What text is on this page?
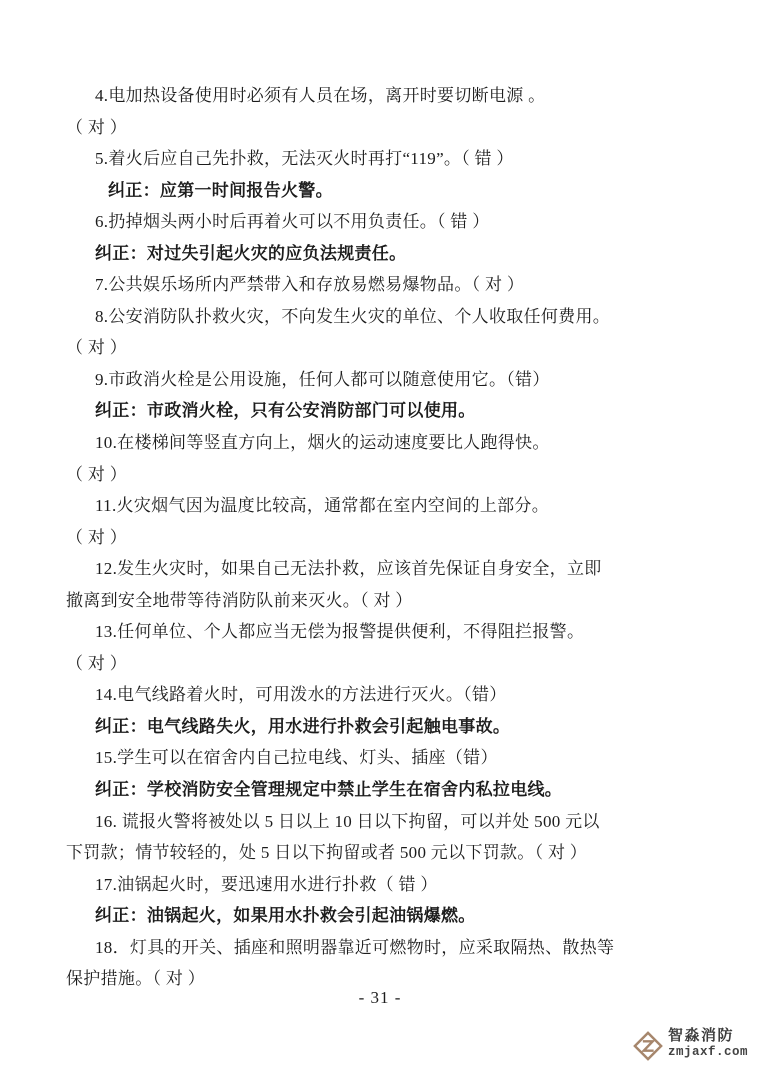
4.电加热设备使用时必须有人员在场，离开时要切断电源 。
（ 对 ）
5.着火后应自己先扑救，无法灭火时再打“119”。（ 错 ）
纠正：应第一时间报告火警。
6.扔掉烟头两小时后再着火可以不用负责任。（ 错 ）
纠正：对过失引起火灾的应负法规责任。
7.公共娱乐场所内严禁带入和存放易燃易爆物品。（ 对 ）
8.公安消防队扑救火灾，不向发生火灾的单位、个人收取任何费用。
（ 对 ）
9.市政消火栓是公用设施，任何人都可以随意使用它。（错）
纠正：市政消火栓，只有公安消防部门可以使用。
10.在楼梯间等竖直方向上，烟火的运动速度要比人跑得快。
（ 对 ）
11.火灾烟气因为温度比较高，通常都在室内空间的上部分。
（ 对 ）
12.发生火灾时，如果自己无法扑救，应该首先保证自身安全，立即
撤离到安全地带等待消防队前来灭火。（ 对 ）
13.任何单位、个人都应当无偿为报警提供便利，不得阻拦报警。
（ 对 ）
14.电气线路着火时，可用泼水的方法进行灭火。（错）
纠正：电气线路失火，用水进行扑救会引起触电事故。
15.学生可以在宿舍内自己拉电线、灯头、插座（错）
纠正：学校消防安全管理规定中禁止学生在宿舍内私拉电线。
16. 谎报火警将被处以 5 日以上 10 日以下拘留，可以并处 500 元以
下罚款；情节较轻的，处 5 日以下拘留或者 500 元以下罚款。（ 对 ）
17.油锅起火时，要迅速用水进行扑救（ 错 ）
纠正：油锅起火，如果用水扑救会引起油锅爆燃。
18．灯具的开关、插座和照明器靠近可燃物时，应采取隔热、散热等
保护措施。（ 对 ）
- 31 -
智淼消防
zmjaxf.com
